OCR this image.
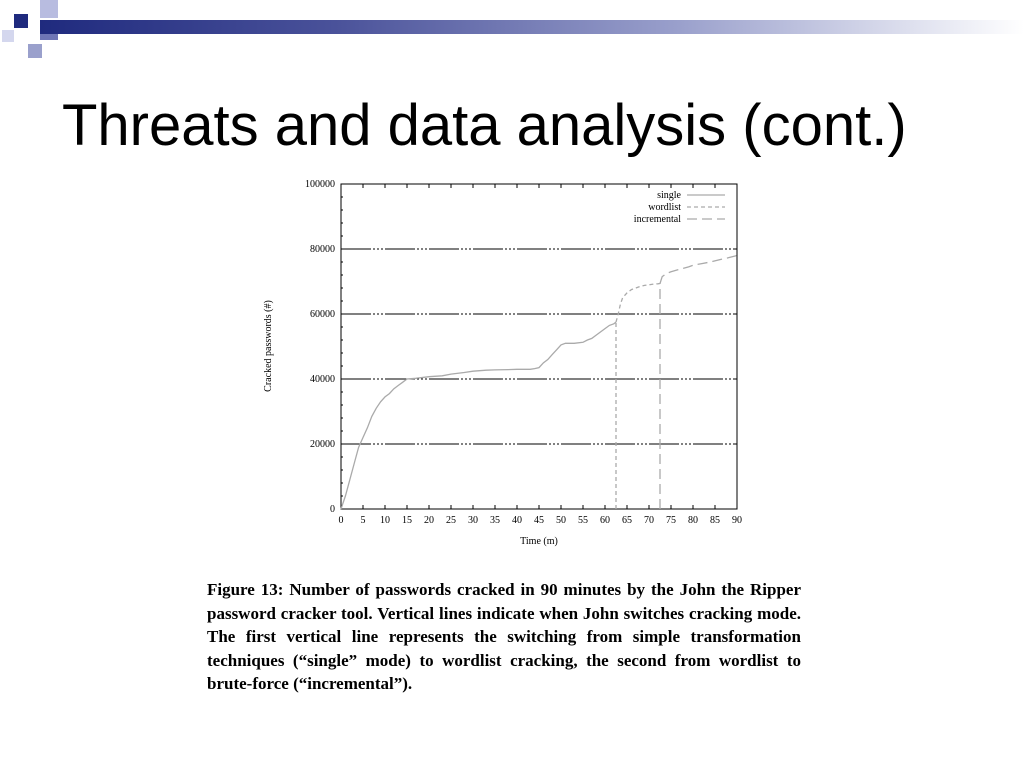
Threats and data analysis (cont.)
0
20000
40000
60000
80000
100000
0 5 10 15 20 25 30 35 40 45 50 55 60 65 70 75 80 85 90
single
wordlist
incremental
Time (m)
Cracked passwords (#)

Figure 13: Number of passwords cracked in 90 minutes by the John the Ripper password cracker tool. Vertical lines indicate when John switches cracking mode. The first vertical line represents the switching from simple transformation techniques (“single” mode) to wordlist cracking, the second from wordlist to brute-force (“incremental”).
